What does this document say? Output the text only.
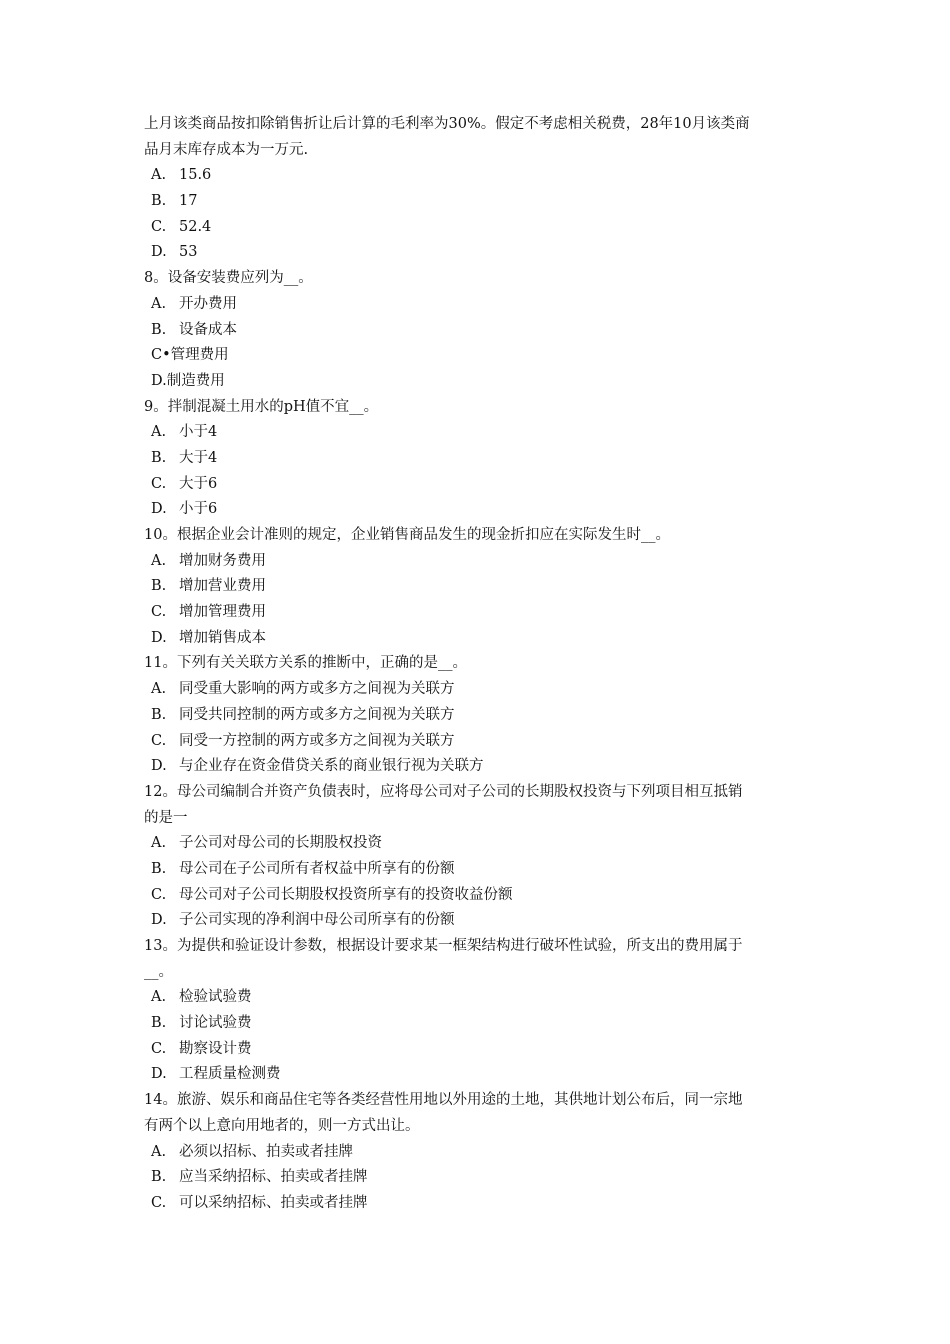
上月该类商品按扣除销售折让后计算的毛利率为30%。假定不考虑相关税费，28年10月该类商
品月末库存成本为一万元.
A. 15.6
B. 17
C. 52.4
D. 53
8。设备安装费应列为__。
A. 开办费用
B. 设备成本
C•管理费用
D.制造费用
9。拌制混凝土用水的pH值不宜__。
A. 小于4
B. 大于4
C. 大于6
D. 小于6
10。根据企业会计准则的规定，企业销售商品发生的现金折扣应在实际发生时__。
A. 增加财务费用
B. 增加营业费用
C. 增加管理费用
D. 增加销售成本
11。下列有关关联方关系的推断中，正确的是__。
A. 同受重大影响的两方或多方之间视为关联方
B. 同受共同控制的两方或多方之间视为关联方
C. 同受一方控制的两方或多方之间视为关联方
D. 与企业存在资金借贷关系的商业银行视为关联方
12。母公司编制合并资产负债表时，应将母公司对子公司的长期股权投资与下列项目相互抵销
的是一
A. 子公司对母公司的长期股权投资
B. 母公司在子公司所有者权益中所享有的份额
C. 母公司对子公司长期股权投资所享有的投资收益份额
D. 子公司实现的净利润中母公司所享有的份额
13。为提供和验证设计参数，根据设计要求某一框架结构进行破坏性试验，所支出的费用属于
__。
A. 检验试验费
B. 讨论试验费
C. 勘察设计费
D. 工程质量检测费
14。旅游、娱乐和商品住宅等各类经营性用地以外用途的土地，其供地计划公布后，同一宗地
有两个以上意向用地者的，则一方式出让。
A. 必须以招标、拍卖或者挂牌
B. 应当采纳招标、拍卖或者挂牌
C. 可以采纳招标、拍卖或者挂牌
